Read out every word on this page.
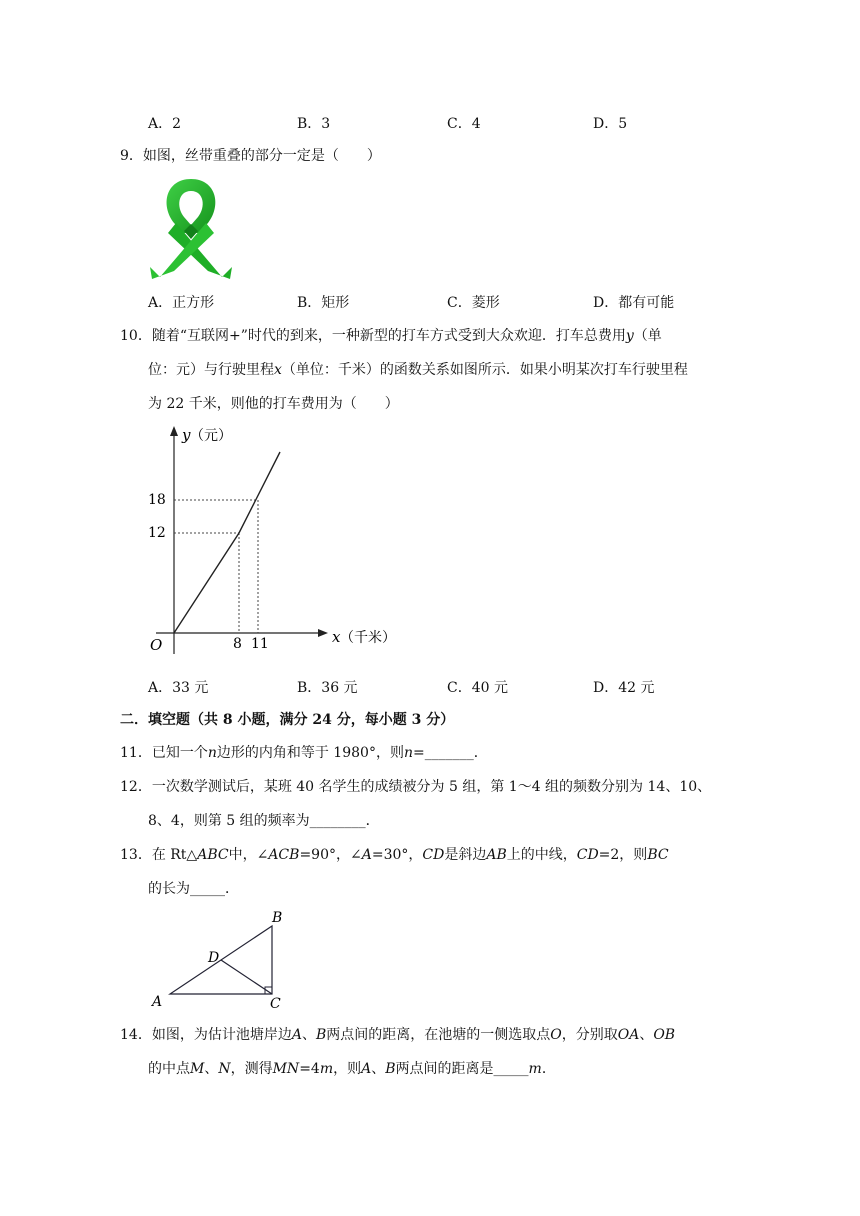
A．2	B．3	C．4	D．5
9．如图，丝带重叠的部分一定是（　　）
A．正方形	B．矩形	C．菱形	D．都有可能
10．随着“互联网+”时代的到来，一种新型的打车方式受到大众欢迎．打车总费用y（单
位：元）与行驶里程x（单位：千米）的函数关系如图所示．如果小明某次打车行驶里程
为 22 千米，则他的打车费用为（　　）
y （元）
x （千米）
18
12
O	8 11
A．33 元	B．36 元	C．40 元	D．42 元
二．填空题（共 8 小题，满分 24 分，每小题 3 分）
11．已知一个n边形的内角和等于 1980°，则n=_______．
12．一次数学测试后，某班 40 名学生的成绩被分为 5 组，第 1～4 组的频数分别为 14、10、
8、4，则第 5 组的频率为________．
13．在 Rt△ABC中，∠ACB=90°，∠A=30°，CD是斜边AB上的中线，CD=2，则BC
的长为_____．
A
B
C
D
14．如图，为估计池塘岸边A、B两点间的距离，在池塘的一侧选取点O，分别取OA、OB
的中点M、N，测得MN=4m，则A、B两点间的距离是_____m．
